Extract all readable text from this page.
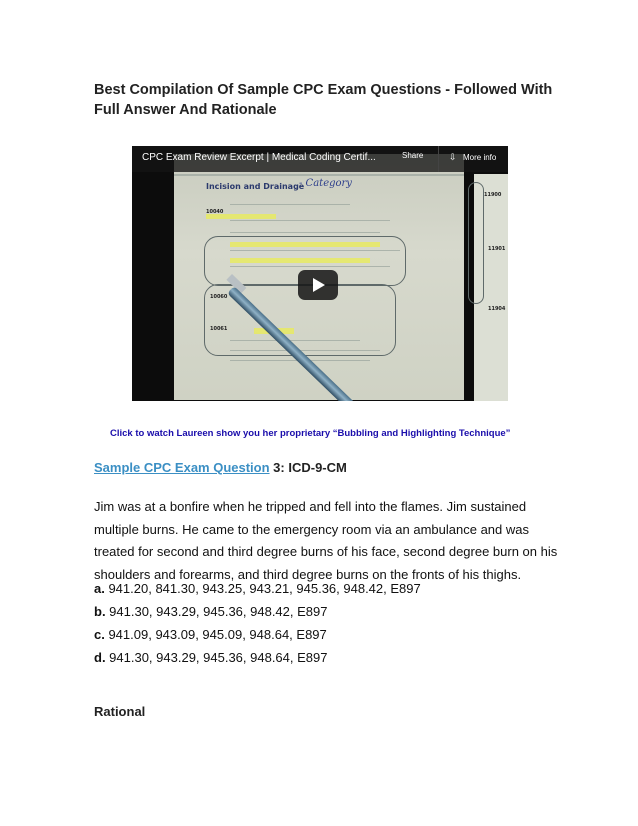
Best Compilation Of Sample CPC Exam Questions - Followed With Full Answer And Rationale
Incision and Drainage
- Category
10040
10060
10061
11900
11901
11904
CPC Exam Review Excerpt | Medical Coding Certif...	Share	⇩ More info
Click to watch Laureen show you her proprietary “Bubbling and Highlighting Technique”
Sample CPC Exam Question 3: ICD-9-CM
Jim was at a bonfire when he tripped and fell into the flames. Jim sustained multiple burns. He came to the emergency room via an ambulance and was treated for second and third degree burns of his face, second degree burn on his shoulders and forearms, and third degree burns on the fronts of his thighs.
a. 941.20, 841.30, 943.25, 943.21, 945.36, 948.42, E897
b. 941.30, 943.29, 945.36, 948.42, E897
c. 941.09, 943.09, 945.09, 948.64, E897
d. 941.30, 943.29, 945.36, 948.64, E897
Rational
